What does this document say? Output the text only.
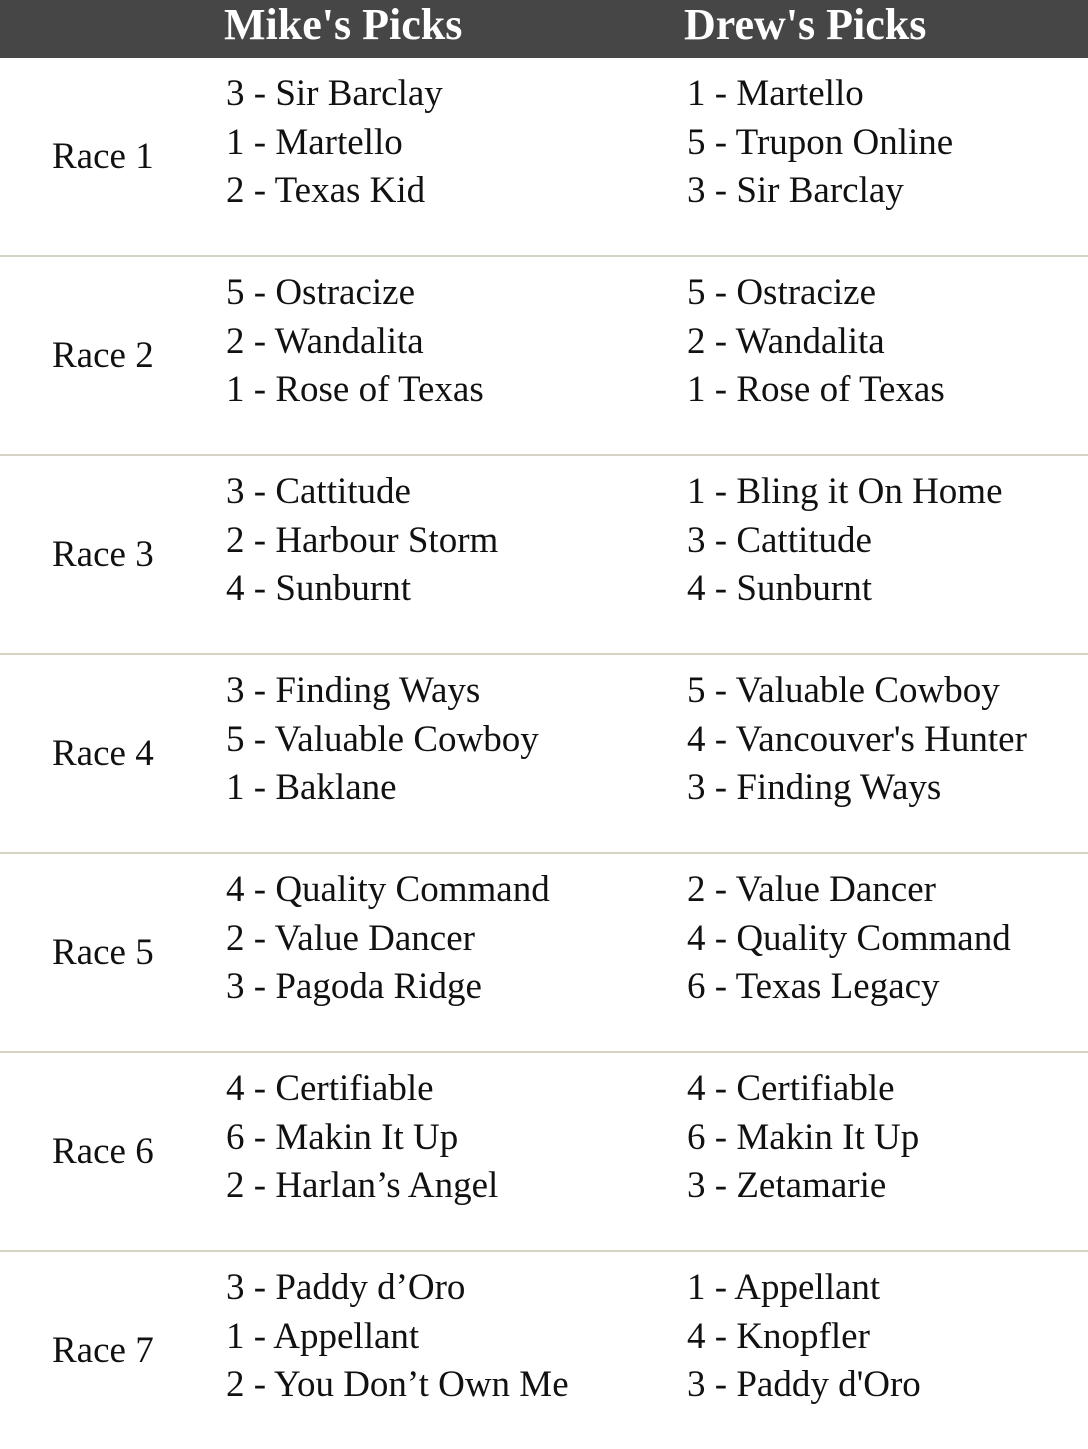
Mike's Picks	Drew's Picks
Race 1
3 - Sir Barclay
1 - Martello
2 - Texas Kid
1 - Martello
5 - Trupon Online
3 - Sir Barclay
Race 2
5 - Ostracize
2 - Wandalita
1 - Rose of Texas
5 - Ostracize
2 - Wandalita
1 - Rose of Texas
Race 3
3 - Cattitude
2 - Harbour Storm
4 - Sunburnt
1 - Bling it On Home
3 - Cattitude
4 - Sunburnt
Race 4
3 - Finding Ways
5 - Valuable Cowboy
1 - Baklane
5 - Valuable Cowboy
4 - Vancouver's Hunter
3 - Finding Ways
Race 5
4 - Quality Command
2 - Value Dancer
3 - Pagoda Ridge
2 - Value Dancer
4 - Quality Command
6 - Texas Legacy
Race 6
4 - Certifiable
6 - Makin It Up
2 - Harlan’s Angel
4 - Certifiable
6 - Makin It Up
3 - Zetamarie
Race 7
3 - Paddy d’Oro
1 - Appellant
2 - You Don’t Own Me
1 - Appellant
4 - Knopfler
3 - Paddy d'Oro
